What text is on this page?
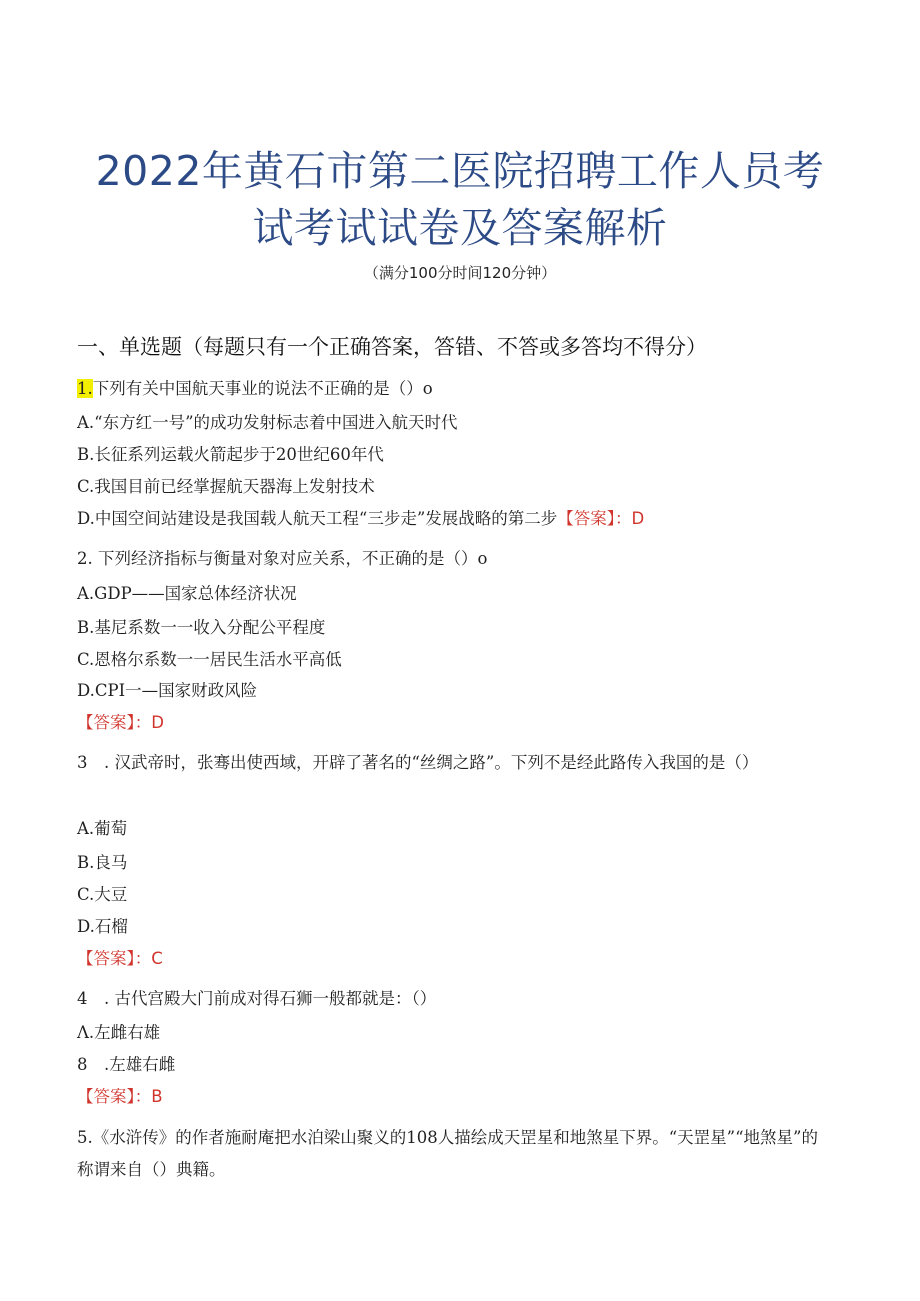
2022年黄石市第二医院招聘工作人员考
试考试试卷及答案解析
（满分100分时间120分钟）
一、单选题（每题只有一个正确答案，答错、不答或多答均不得分）
1.下列有关中国航天事业的说法不正确的是（）o
A.“东方红一号”的成功发射标志着中国进入航天时代
B.长征系列运载火箭起步于20世纪60年代
C.我国目前已经掌握航天器海上发射技术
D.中国空间站建设是我国载人航天工程“三步走”发展战略的第二步【答案】：D
2. 下列经济指标与衡量对象对应关系，不正确的是（）o
A.GDP——国家总体经济状况
B.基尼系数一一收入分配公平程度
C.恩格尔系数一一居民生活水平高低
D.CPI一—国家财政风险
【答案】：D
3　. 汉武帝时，张骞出使西域，开辟了著名的“丝绸之路”。下列不是经此路传入我国的是（）
A.葡萄
B.良马
C.大豆
D.石榴
【答案】：C
4　. 古代宫殿大门前成对得石狮一般都就是：（）
Λ.左雌右雄
8　.左雄右雌
【答案】：B
5.《水浒传》的作者施耐庵把水泊梁山聚义的108人描绘成天罡星和地煞星下界。“天罡星”“地煞星”的称谓来自（）典籍。
